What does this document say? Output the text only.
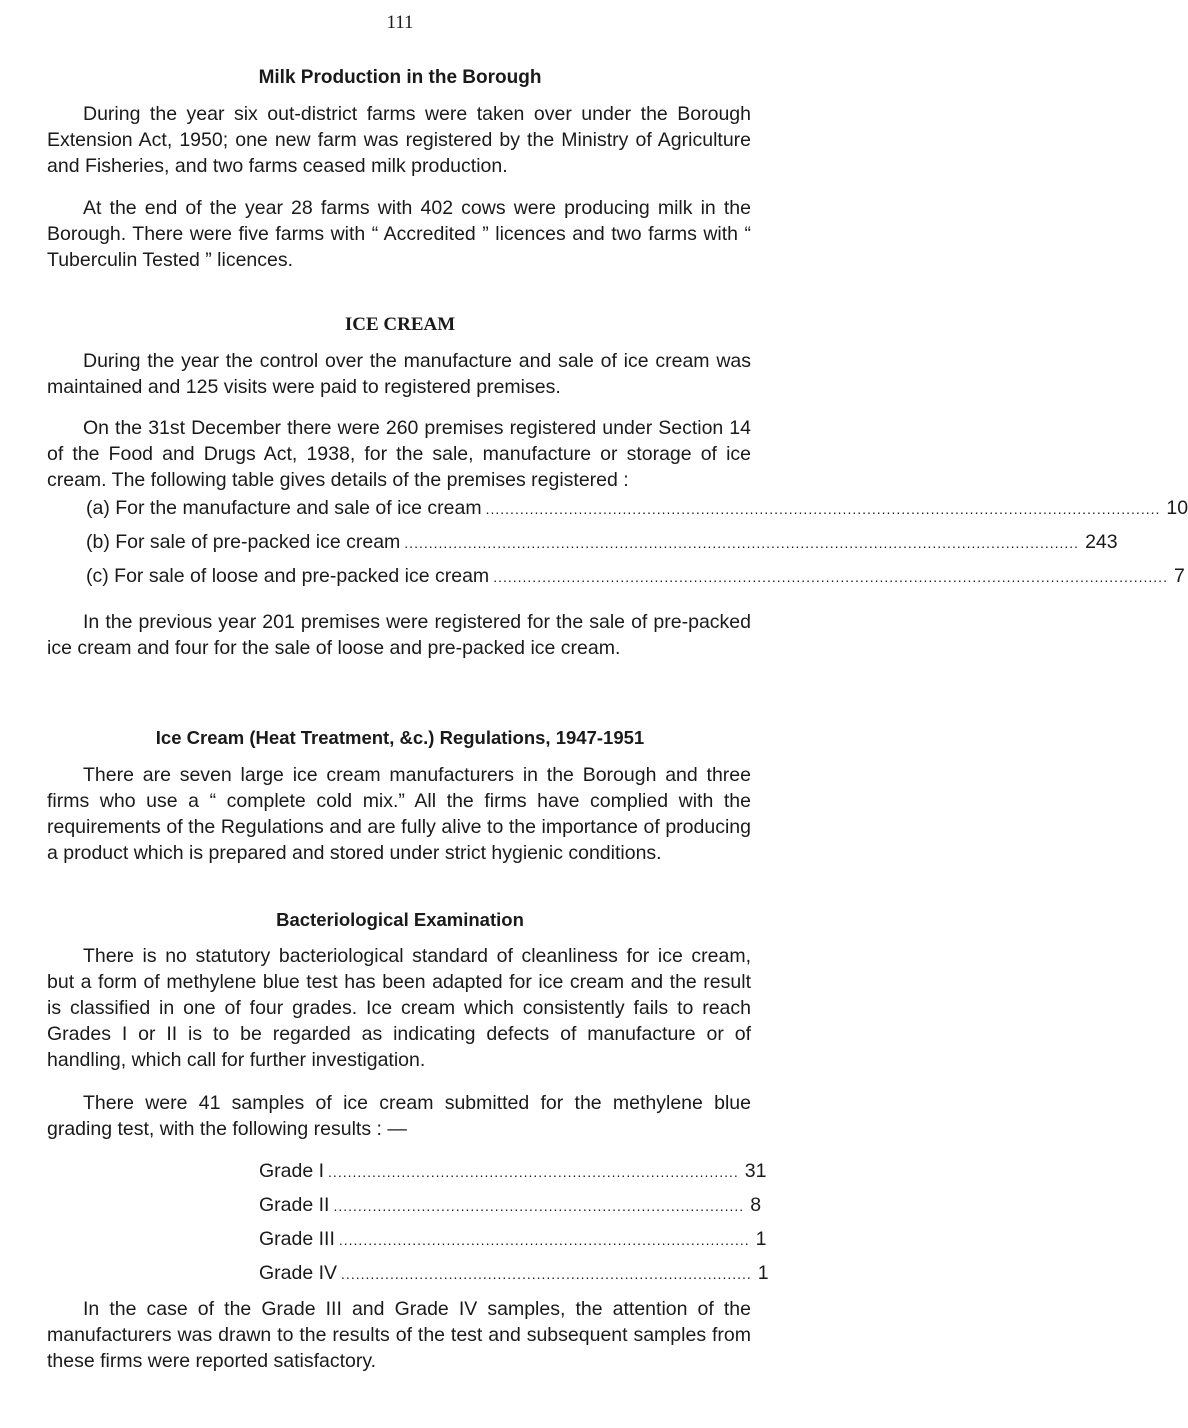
111
Milk Production in the Borough

During the year six out-district farms were taken over under the Borough Extension Act, 1950; one new farm was registered by the Ministry of Agriculture and Fisheries, and two farms ceased milk production.

At the end of the year 28 farms with 402 cows were producing milk in the Borough. There were five farms with “ Accredited ” licences and two farms with “ Tuberculin Tested ” licences.

ICE CREAM

During the year the control over the manufacture and sale of ice cream was maintained and 125 visits were paid to registered premises.

On the 31st December there were 260 premises registered under Section 14 of the Food and Drugs Act, 1938, for the sale, manufacture or storage of ice cream. The following table gives details of the premises registered :

(a) For the manufacture and sale of ice cream .......................................................................................................................................... 10
(b) For sale of pre-packed ice cream .......................................................................................................................................... 243
(c) For sale of loose and pre-packed ice cream .......................................................................................................................................... 7

In the previous year 201 premises were registered for the sale of pre-packed ice cream and four for the sale of loose and pre-packed ice cream.

Ice Cream (Heat Treatment, &c.) Regulations, 1947-1951

There are seven large ice cream manufacturers in the Borough and three firms who use a “ complete cold mix.” All the firms have complied with the requirements of the Regulations and are fully alive to the importance of producing a product which is prepared and stored under strict hygienic conditions.

Bacteriological Examination

There is no statutory bacteriological standard of cleanliness for ice cream, but a form of methylene blue test has been adapted for ice cream and the result is classified in one of four grades. Ice cream which consistently fails to reach Grades I or II is to be regarded as indicating defects of manufacture or of handling, which call for further investigation.

There were 41 samples of ice cream submitted for the methylene blue grading test, with the following results : —

Grade I .................................................................................... 31
Grade II .................................................................................... 8
Grade III .................................................................................... 1
Grade IV .................................................................................... 1

In the case of the Grade III and Grade IV samples, the attention of the manufacturers was drawn to the results of the test and subsequent samples from these firms were reported satisfactory.
